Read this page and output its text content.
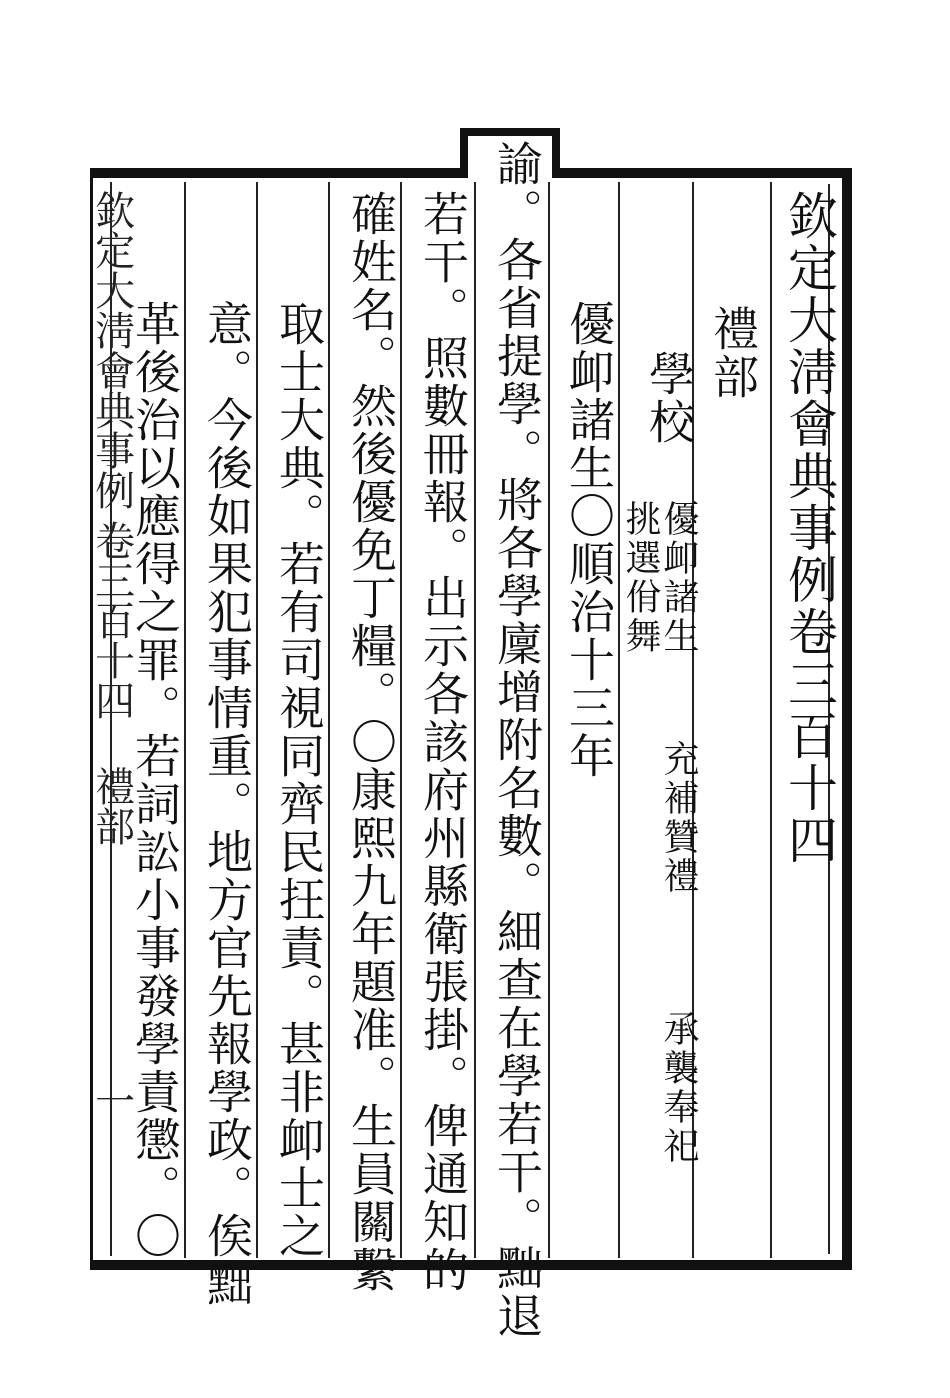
欽定大淸會典事例卷三百十四
禮部
學校
優卹諸生
挑選佾舞
充補贊禮
承襲奉祀
優卹諸生〇順治十三年
諭。各省提學。將各學廩增附名數。細查在學若干。黜退
若干。照數冊報。出示各該府州縣衛張掛。俾通知的
確姓名。然後優免丁糧。〇康熙九年題准。生員關繫
取士大典。若有司視同齊民抂責。甚非卹士之
意。今後如果犯事情重。地方官先報學政。俟黜
革後治以應得之罪。若詞訟小事發學責懲。〇
欽定大淸會典事例
卷三百十四 禮部
一
